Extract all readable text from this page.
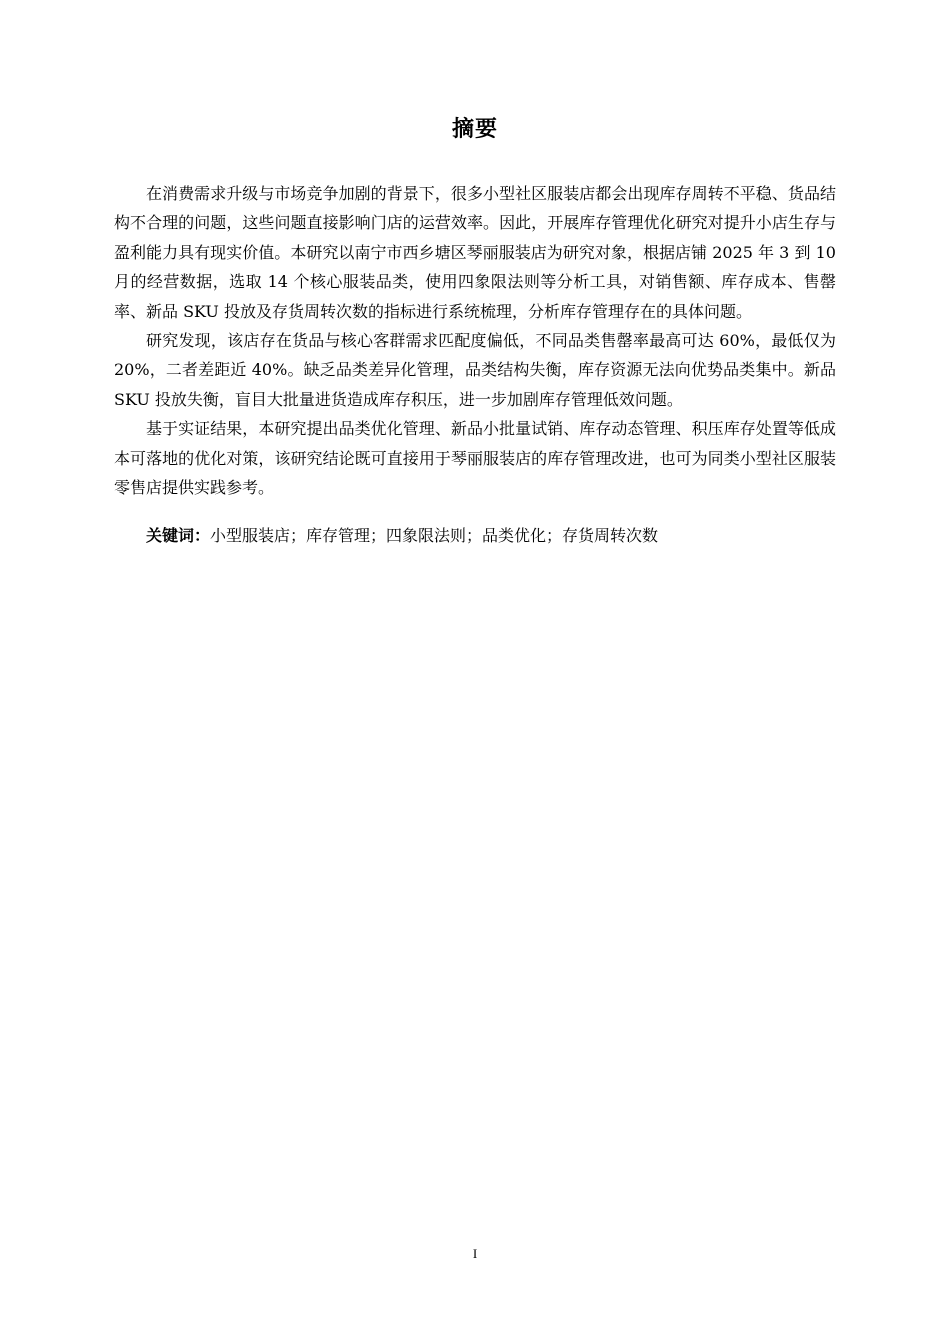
摘要

在消费需求升级与市场竞争加剧的背景下，很多小型社区服装店都会出现库存周转不平稳、货品结构不合理的问题，这些问题直接影响门店的运营效率。因此，开展库存管理优化研究对提升小店生存与盈利能力具有现实价值。本研究以南宁市西乡塘区琴丽服装店为研究对象，根据店铺 2025 年 3 到 10 月的经营数据，选取 14 个核心服装品类，使用四象限法则等分析工具，对销售额、库存成本、售罄率、新品 SKU 投放及存货周转次数的指标进行系统梳理，分析库存管理存在的具体问题。

研究发现，该店存在货品与核心客群需求匹配度偏低，不同品类售罄率最高可达 60%，最低仅为 20%，二者差距近 40%。缺乏品类差异化管理，品类结构失衡，库存资源无法向优势品类集中。新品 SKU 投放失衡，盲目大批量进货造成库存积压，进一步加剧库存管理低效问题。

基于实证结果，本研究提出品类优化管理、新品小批量试销、库存动态管理、积压库存处置等低成本可落地的优化对策，该研究结论既可直接用于琴丽服装店的库存管理改进，也可为同类小型社区服装零售店提供实践参考。

关键词：小型服装店；库存管理；四象限法则；品类优化；存货周转次数

I
